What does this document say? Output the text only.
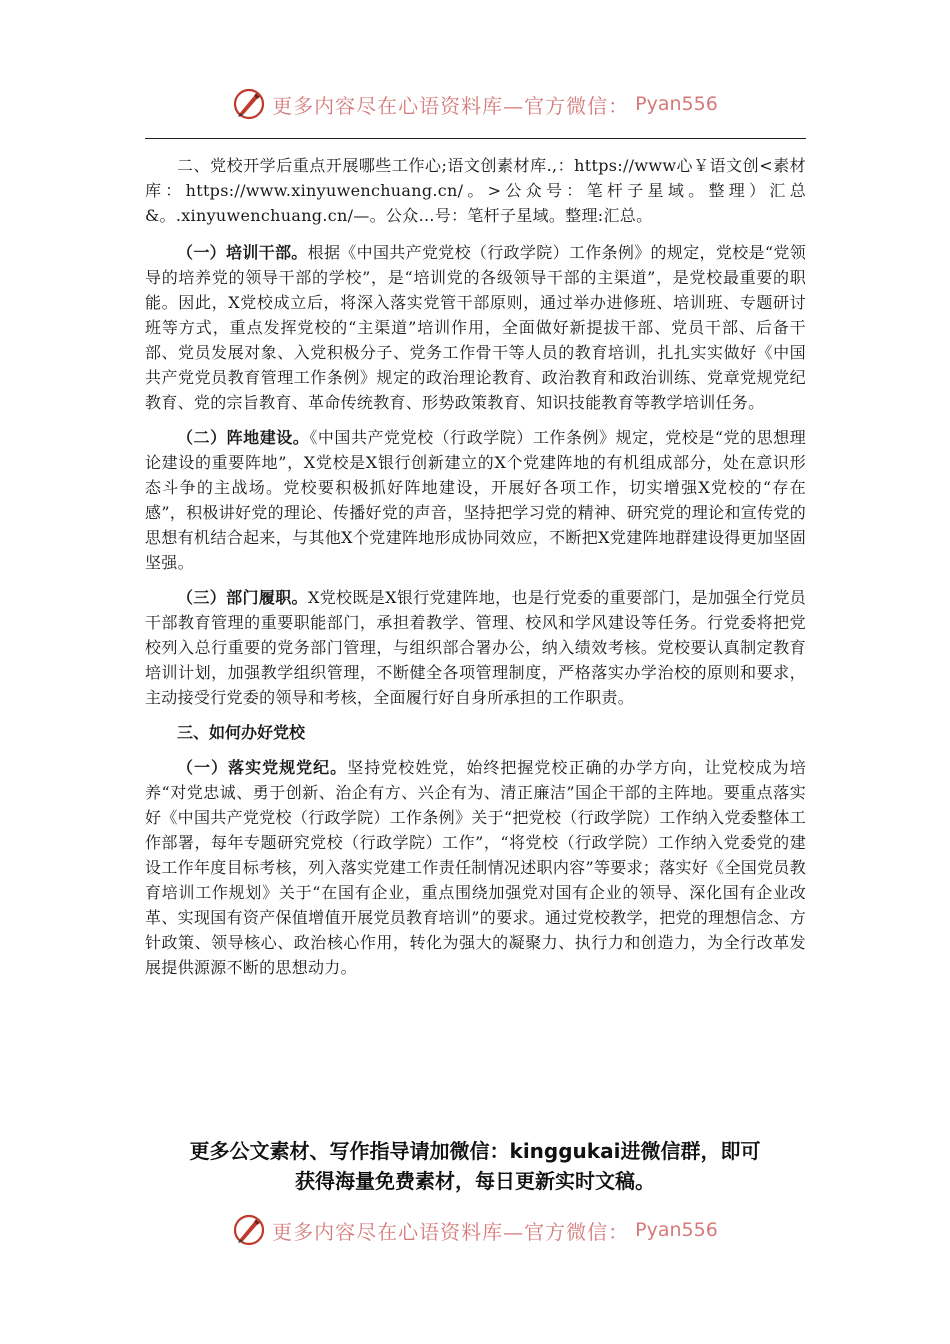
更多内容尽在心语资料库—官方微信： Pyan556

二、党校开学后重点开展哪些工作心;语文创素材库.,：https://www心￥语文创<素材库：https://www.xinyuwenchuang.cn/。>公众号：笔杆子星域。整理）汇总&。.xinyuwenchuang.cn/—。公众…号：笔杆子星域。整理:汇总。

（一）培训干部。根据《中国共产党党校（行政学院）工作条例》的规定，党校是“党领导的培养党的领导干部的学校”，是“培训党的各级领导干部的主渠道”，是党校最重要的职能。因此，X党校成立后，将深入落实党管干部原则，通过举办进修班、培训班、专题研讨班等方式，重点发挥党校的“主渠道”培训作用，全面做好新提拔干部、党员干部、后备干部、党员发展对象、入党积极分子、党务工作骨干等人员的教育培训，扎扎实实做好《中国共产党党员教育管理工作条例》规定的政治理论教育、政治教育和政治训练、党章党规党纪教育、党的宗旨教育、革命传统教育、形势政策教育、知识技能教育等教学培训任务。

（二）阵地建设。《中国共产党党校（行政学院）工作条例》规定，党校是“党的思想理论建设的重要阵地”，X党校是X银行创新建立的X个党建阵地的有机组成部分，处在意识形态斗争的主战场。党校要积极抓好阵地建设，开展好各项工作，切实增强X党校的“存在感”，积极讲好党的理论、传播好党的声音，坚持把学习党的精神、研究党的理论和宣传党的思想有机结合起来，与其他X个党建阵地形成协同效应，不断把X党建阵地群建设得更加坚固坚强。

（三）部门履职。X党校既是X银行党建阵地，也是行党委的重要部门，是加强全行党员干部教育管理的重要职能部门，承担着教学、管理、校风和学风建设等任务。行党委将把党校列入总行重要的党务部门管理，与组织部合署办公，纳入绩效考核。党校要认真制定教育培训计划，加强教学组织管理，不断健全各项管理制度，严格落实办学治校的原则和要求，主动接受行党委的领导和考核，全面履行好自身所承担的工作职责。

三、如何办好党校

（一）落实党规党纪。坚持党校姓党，始终把握党校正确的办学方向，让党校成为培养“对党忠诚、勇于创新、治企有方、兴企有为、清正廉洁”国企干部的主阵地。要重点落实好《中国共产党党校（行政学院）工作条例》关于“把党校（行政学院）工作纳入党委整体工作部署，每年专题研究党校（行政学院）工作”，“将党校（行政学院）工作纳入党委党的建设工作年度目标考核，列入落实党建工作责任制情况述职内容”等要求；落实好《全国党员教育培训工作规划》关于“在国有企业，重点围绕加强党对国有企业的领导、深化国有企业改革、实现国有资产保值增值开展党员教育培训”的要求。通过党校教学，把党的理想信念、方针政策、领导核心、政治核心作用，转化为强大的凝聚力、执行力和创造力，为全行改革发展提供源源不断的思想动力。

更多公文素材、写作指导请加微信：kinggukai进微信群，即可
获得海量免费素材，每日更新实时文稿。
更多内容尽在心语资料库—官方微信： Pyan556
